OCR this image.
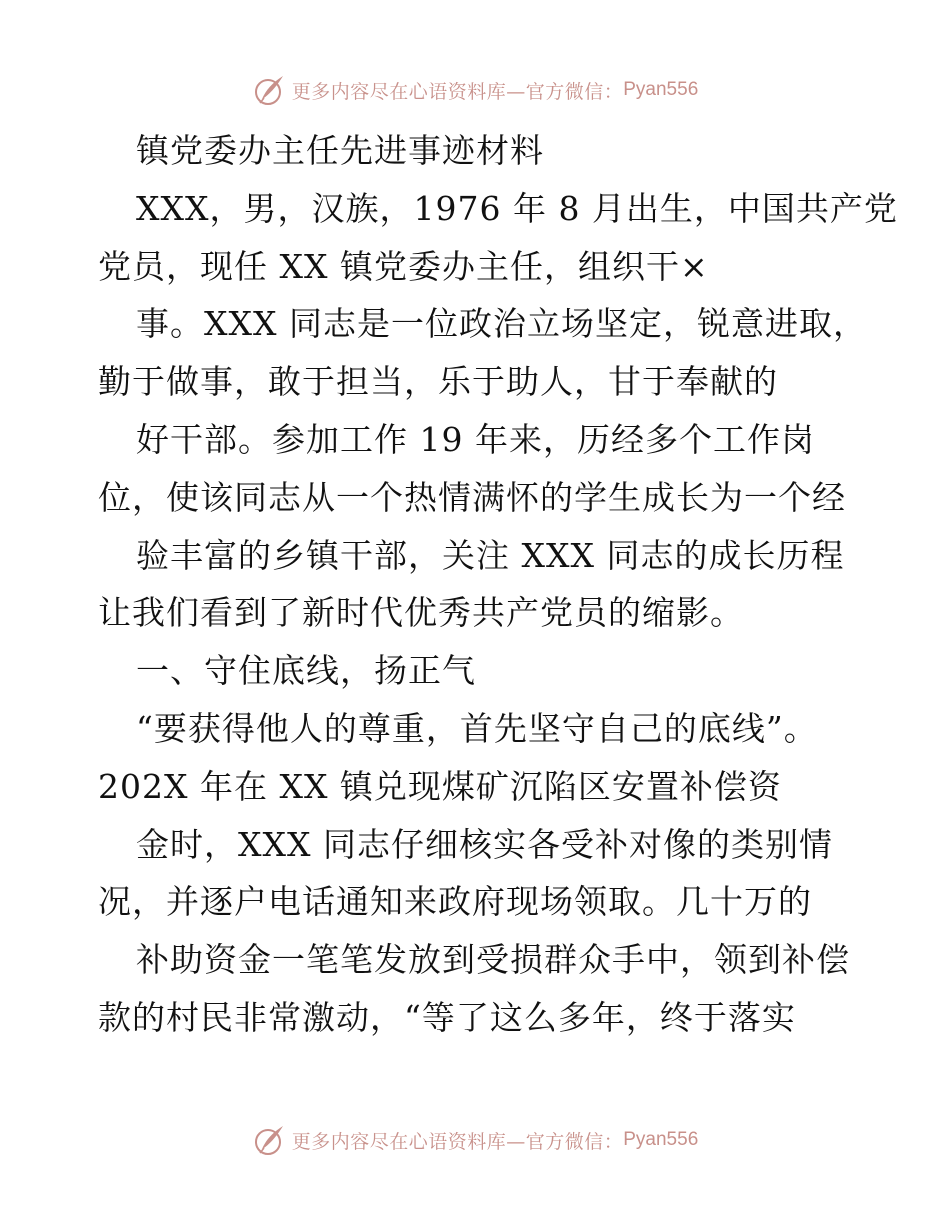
更多内容尽在心语资料库—官方微信： Pyan556
镇党委办主任先进事迹材料
XXX，男，汉族，1976 年 8 月出生，中国共产党
党员，现任 XX 镇党委办主任，组织干×
事。XXX 同志是一位政治立场坚定，锐意进取，
勤于做事，敢于担当，乐于助人，甘于奉献的
好干部。参加工作 19 年来，历经多个工作岗
位，使该同志从一个热情满怀的学生成长为一个经
验丰富的乡镇干部，关注 XXX 同志的成长历程
让我们看到了新时代优秀共产党员的缩影。
一、守住底线，扬正气
“要获得他人的尊重，首先坚守自己的底线”。
202X 年在 XX 镇兑现煤矿沉陷区安置补偿资
金时，XXX 同志仔细核实各受补对像的类别情
况，并逐户电话通知来政府现场领取。几十万的
补助资金一笔笔发放到受损群众手中，领到补偿
款的村民非常激动，“等了这么多年，终于落实
更多内容尽在心语资料库—官方微信： Pyan556
